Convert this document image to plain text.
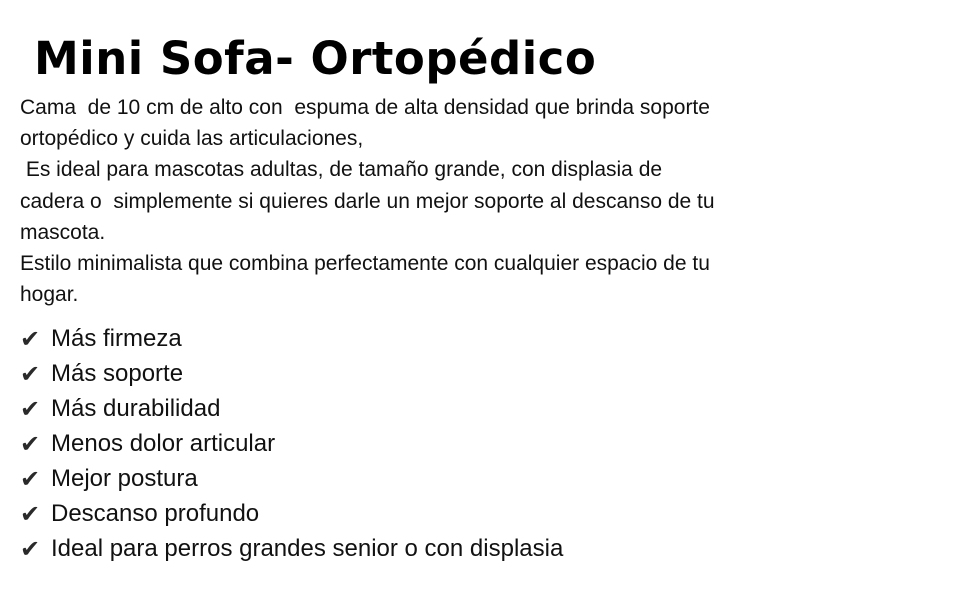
Mini Sofa- Ortopédico
Cama  de 10 cm de alto con  espuma de alta densidad que brinda soporte
ortopédico y cuida las articulaciones,
Es ideal para mascotas adultas, de tamaño grande, con displasia de
cadera o  simplemente si quieres darle un mejor soporte al descanso de tu
mascota.
Estilo minimalista que combina perfectamente con cualquier espacio de tu
hogar.
✔ Más firmeza
✔ Más soporte
✔ Más durabilidad
✔ Menos dolor articular
✔ Mejor postura
✔ Descanso profundo
✔ Ideal para perros grandes senior o con displasia
